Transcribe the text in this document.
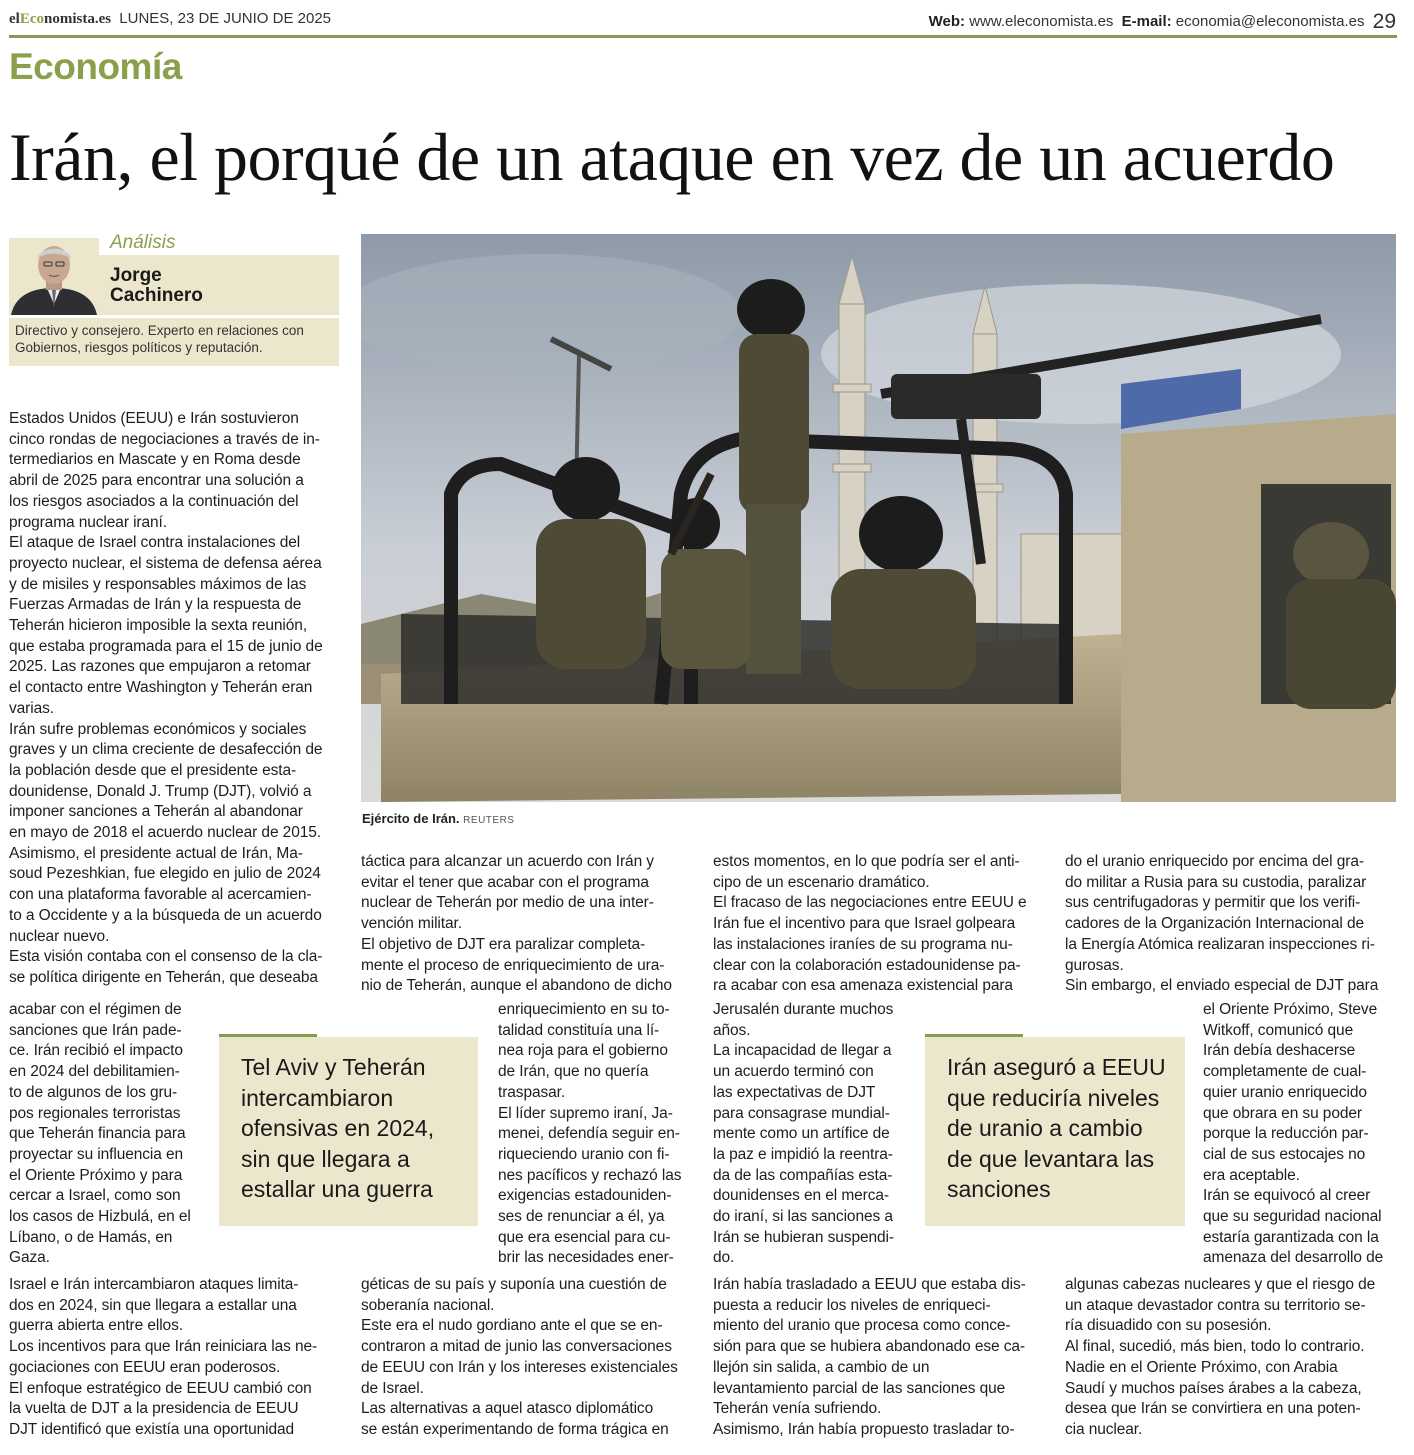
elEconomista.es LUNES, 23 DE JUNIO DE 2025	Web: www.eleconomista.es E-mail: economia@eleconomista.es 29
Economía
Irán, el porqué de un ataque en vez de un acuerdo
Análisis
Jorge
Cachinero
Directivo y consejero. Experto en relaciones con
Gobiernos, riesgos políticos y reputación.
Ejército de Irán. REUTERS
Tel Aviv y Teherán
intercambiaron
ofensivas en 2024,
sin que llegara a
estallar una guerra
Irán aseguró a EEUU
que reduciría niveles
de uranio a cambio
de que levantara las
sanciones

Estados Unidos (EEUU) e Irán sostuvieron

cinco rondas de negociaciones a través de in-

termediarios en Mascate y en Roma desde

abril de 2025 para encontrar una solución a

los riesgos asociados a la continuación del

programa nuclear iraní.

El ataque de Israel contra instalaciones del

proyecto nuclear, el sistema de defensa aérea

y de misiles y responsables máximos de las

Fuerzas Armadas de Irán y la respuesta de

Teherán hicieron imposible la sexta reunión,

que estaba programada para el 15 de junio de

2025. Las razones que empujaron a retomar

el contacto entre Washington y Teherán eran

varias.

Irán sufre problemas económicos y sociales

graves y un clima creciente de desafección de

la población desde que el presidente esta-

dounidense, Donald J. Trump (DJT), volvió a

imponer sanciones a Teherán al abandonar

en mayo de 2018 el acuerdo nuclear de 2015.

Asimismo, el presidente actual de Irán, Ma-

soud Pezeshkian, fue elegido en julio de 2024

con una plataforma favorable al acercamien-

to a Occidente y a la búsqueda de un acuerdo

nuclear nuevo.

Esta visión contaba con el consenso de la cla-

se política dirigente en Teherán, que deseaba

acabar con el régimen de

sanciones que Irán pade-

ce. Irán recibió el impacto

en 2024 del debilitamien-

to de algunos de los gru-

pos regionales terroristas

que Teherán financia para

proyectar su influencia en

el Oriente Próximo y para

cercar a Israel, como son

los casos de Hizbulá, en el

Líbano, o de Hamás, en

Gaza.

Israel e Irán intercambiaron ataques limita-

dos en 2024, sin que llegara a estallar una

guerra abierta entre ellos.

Los incentivos para que Irán reiniciara las ne-

gociaciones con EEUU eran poderosos.

El enfoque estratégico de EEUU cambió con

la vuelta de DJT a la presidencia de EEUU

DJT identificó que existía una oportunidad

táctica para alcanzar un acuerdo con Irán y

evitar el tener que acabar con el programa

nuclear de Teherán por medio de una inter-

vención militar.

El objetivo de DJT era paralizar completa-

mente el proceso de enriquecimiento de ura-

nio de Teherán, aunque el abandono de dicho

enriquecimiento en su to-

talidad constituía una lí-

nea roja para el gobierno

de Irán, que no quería

traspasar.

El líder supremo iraní, Ja-

menei, defendía seguir en-

riqueciendo uranio con fi-

nes pacíficos y rechazó las

exigencias estadouniden-

ses de renunciar a él, ya

que era esencial para cu-

brir las necesidades ener-

géticas de su país y suponía una cuestión de

soberanía nacional.

Este era el nudo gordiano ante el que se en-

contraron a mitad de junio las conversaciones

de EEUU con Irán y los intereses existenciales

de Israel.

Las alternativas a aquel atasco diplomático

se están experimentando de forma trágica en

estos momentos, en lo que podría ser el anti-

cipo de un escenario dramático.

El fracaso de las negociaciones entre EEUU e

Irán fue el incentivo para que Israel golpeara

las instalaciones iraníes de su programa nu-

clear con la colaboración estadounidense pa-

ra acabar con esa amenaza existencial para

Jerusalén durante muchos

años.

La incapacidad de llegar a

un acuerdo terminó con

las expectativas de DJT

para consagrase mundial-

mente como un artífice de

la paz e impidió la reentra-

da de las compañías esta-

dounidenses en el merca-

do iraní, si las sanciones a

Irán se hubieran suspendi-

do.

Irán había trasladado a EEUU que estaba dis-

puesta a reducir los niveles de enriqueci-

miento del uranio que procesa como conce-

sión para que se hubiera abandonado ese ca-

llejón sin salida, a cambio de un

levantamiento parcial de las sanciones que

Teherán venía sufriendo.

Asimismo, Irán había propuesto trasladar to-

do el uranio enriquecido por encima del gra-

do militar a Rusia para su custodia, paralizar

sus centrifugadoras y permitir que los verifi-

cadores de la Organización Internacional de

la Energía Atómica realizaran inspecciones ri-

gurosas.

Sin embargo, el enviado especial de DJT para

el Oriente Próximo, Steve

Witkoff, comunicó que

Irán debía deshacerse

completamente de cual-

quier uranio enriquecido

que obrara en su poder

porque la reducción par-

cial de sus estocajes no

era aceptable.

Irán se equivocó al creer

que su seguridad nacional

estaría garantizada con la

amenaza del desarrollo de

algunas cabezas nucleares y que el riesgo de

un ataque devastador contra su territorio se-

ría disuadido con su posesión.

Al final, sucedió, más bien, todo lo contrario.

Nadie en el Oriente Próximo, con Arabia

Saudí y muchos países árabes a la cabeza,

desea que Irán se convirtiera en una poten-

cia nuclear.
